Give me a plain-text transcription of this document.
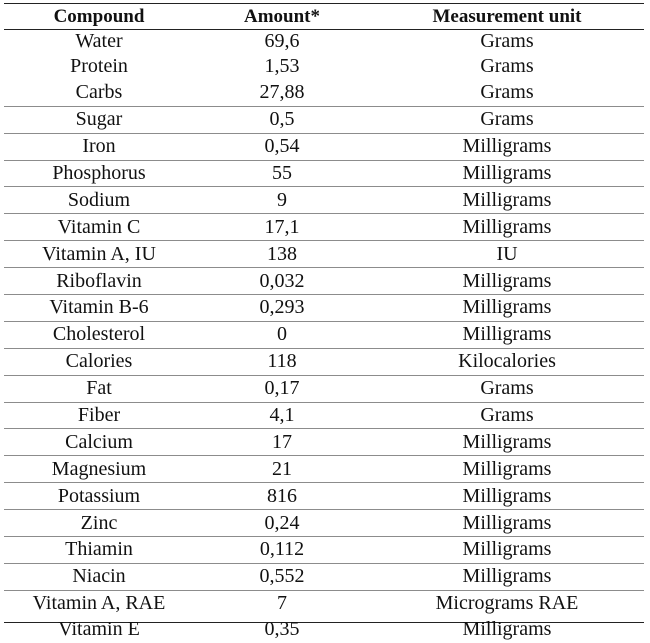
Compound	Amount*	Measurement unit
Water	69,6	Grams
Protein	1,53	Grams
Carbs	27,88	Grams
Sugar	0,5	Grams
Iron	0,54	Milligrams
Phosphorus	55	Milligrams
Sodium	9	Milligrams
Vitamin C	17,1	Milligrams
Vitamin A, IU	138	IU
Riboflavin	0,032	Milligrams
Vitamin B-6	0,293	Milligrams
Cholesterol	0	Milligrams
Calories	118	Kilocalories
Fat	0,17	Grams
Fiber	4,1	Grams
Calcium	17	Milligrams
Magnesium	21	Milligrams
Potassium	816	Milligrams
Zinc	0,24	Milligrams
Thiamin	0,112	Milligrams
Niacin	0,552	Milligrams
Vitamin A, RAE	7	Micrograms RAE
Vitamin E	0,35	Milligrams
